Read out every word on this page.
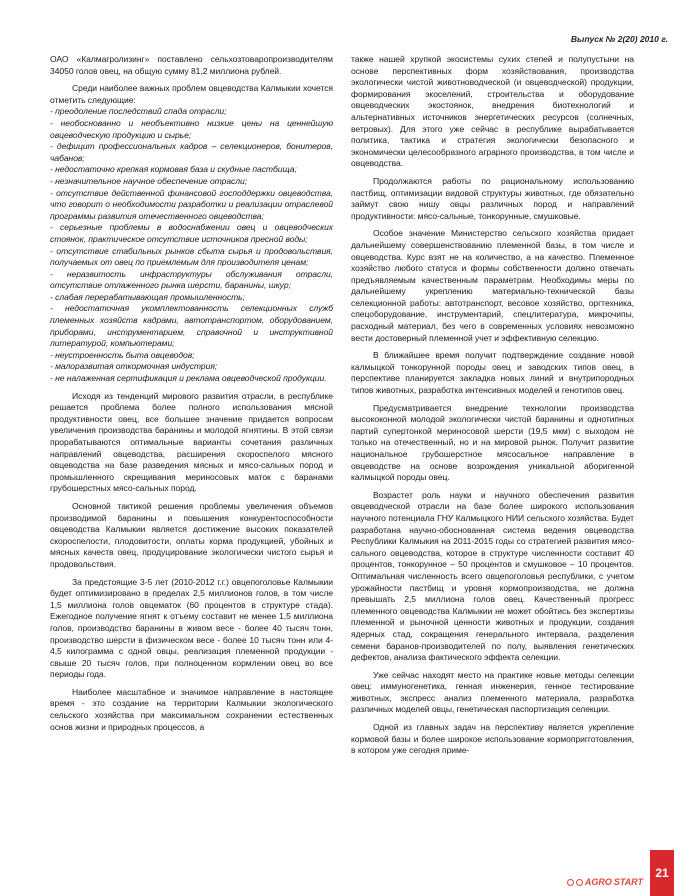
Выпуск № 2(20) 2010 г.

ОАО «Калмагролизинг» поставлено сельхозтовaропроизводителям 34050 голов овец, на общую сумму 81,2 миллиона рублей.

Среди наиболее важных проблем овцеводства Калмыкии хочется отметить следующие:

- преодоление последствий спада отрасли;
- необоснованно и необъективно низкие цены на ценнейшую овцеводческую продукцию и сырье;
- дефицит профессиональных кадров – селекционеров, бонитеров, чабанов;
- недостаточно крепкая кормовая база и скудные пастбища;
- незначительное научное обеспечение отрасли;
- отсутствие действенной финансовой господдержки овцеводства, что говорит о необходимости разработки и реализации отраслевой программы развития отечественного овцеводства;
- серьезные проблемы в водоснабжении овец и овцеводческих стоянок, практическое отсутствие источников пресной воды;
- отсутствие стабильных рынков сбыта сырья и продовольствия, получаемых от овец по приемлемым для производителя ценам;
- неразвитость инфраструктуры обслуживания отрасли, отсутствие отлаженного рынка шерсти, баранины, шкур;
- слабая перерабатывающая промышленность;
- недостаточная укомплектованность селекционных служб племенных хозяйств кадрами, автотранспортом, оборудованием, приборами, инструментарием, справочной и инструктивной литературой, компьютерами;
- неустроенность быта овцеводов;
- малоразвитая откормочная индустрия;
- не налаженная сертификация и реклама овцеводческой продукции.

Исходя из тенденций мирового развития отрасли, в республике решается проблема более полного использования мясной продуктивности овец, все большее значение придается вопросам увеличения производства баранины и молодой ягнятины. В этой связи прорабатываются оптимальные варианты сочетания различных направлений овцеводства, расширения скороспелого мясного овцеводства на базе разведения мясных и мясо-сальных пород и промышленного скрещивания мериносовых маток с баранами грубошерстных мясо-сальных пород.

Основной тактикой решения проблемы увеличения объемов производимой баранины и повышения конкурентоспособности овцеводства Калмыкии является достижение высоких показателей скороспелости, плодовитости, оплаты корма продукцией, убойных и мясных качеств овец, продуцирование экологически чистого сырья и продовольствия.

За предстоящие 3-5 лет (2010-2012 г.г.) овцепоголовье Калмыкии будет оптимизировано в пределах 2,5 миллионов голов, в том числе 1,5 миллиона голов овцематок (60 процентов в структуре стада). Ежегодное получение ягнят к отъему составит не менее 1,5 миллиона голов, производство баранины в живом весе - более 40 тысяч тонн, производство шерсти в физическом весе - более 10 тысяч тонн или 4-4,5 килограмма с одной овцы, реализация племенной продукции - свыше 20 тысяч голов, при полноценном кормлении овец во все периоды года.

Наиболее масштабное и значимое направление в настоящее время - это создание на территории Калмыкии экологического сельского хозяйства при максимальном сохранении естественных основ жизни и природных процессов, а

также нашей хрупкой экосистемы сухих степей и полупустыни на основе перспективных форм хозяйствования, производства экологически чистой животноводческой (и овцеводческой) продукции, формирования экоселений, строительства и оборудование овцеводческих экостоянок, внедрения биотехнологий и альтернативных источников энергетических ресурсов (солнечных, ветровых). Для этого уже сейчас в республике вырабатывается политика, тактика и стратегия экологически безопасного и экономически целесообразного аграрного производства, в том числе и овцеводства.

Продолжаются работы по рациональному использованию пастбищ, оптимизации видовой структуры животных, где обязательно займут свою нишу овцы различных пород и направлений продуктивности: мясо-сальные, тонкорунные, смушковые.

Особое значение Министерство сельского хозяйства придает дальнейшему совершенствованию племенной базы, в том числе и овцеводства. Курс взят не на количество, а на качество. Племенное хозяйство любого статуса и формы собственности должно отвечать предъявляемым качественным параметрам. Необходимы меры по дальнейшему укреплению материально-технической базы селекционной работы: автотранспорт, весовое хозяйство, оргтехника, спецоборудование, инструментарий, спецлитература, микрочипы, расходный материал, без чего в современных условиях невозможно вести достоверный племенной учет и эффективную селекцию.

В ближайшее время получит подтверждение создание новой калмыцкой тонкорунной породы овец и заводских типов овец, в перспективе планируется закладка новых линий и внутрипородных типов животных, разработка интенсивных моделей и генотипов овец.

Предусматривается внедрение технологии производства высококонной молодой экологически чистой баранины и однотипных партий супертонкой мериносовой шерсти (19,5 мкм) с выходом не только на отечественный, но и на мировой рынок. Получит развитие национальное грубошерстное мясосальное направление в овцеводстве на основе возрождения уникальной аборигенной калмыцкой породы овец.

Возрастет роль науки и научного обеспечения развития овцеводческой отрасли на базе более широкого использования научного потенциала ГНУ Калмыцкого НИИ сельского хозяйства. Будет разработана научно-обоснованная система ведения овцеводства Республики Калмыкия на 2011-2015 годы со стратегией развития мясо-сального овцеводства, которое в структуре численности составит 40 процентов, тонкорунное – 50 процентов и смушковое – 10 процентов. Оптимальная численность всего овцепоголовья республики, с учетом урожайности пастбищ и уровня кормопроизводства, не должна превышать 2,5 миллиона голов овец. Качественный прогресс племенного овцеводства Калмыкии не может обойтись без экспертизы племенной и рыночной ценности животных и продукции, создания ядерных стад, сокращения генерального интервала, разделения семени баранов-производителей по полу, выявления генетических дефектов, анализа фактического эффекта селекции.

Уже сейчас находят место на практике новые методы селекции овец: иммуногенетика, генная инженерия, генное тестирование животных, экспресс анализ племенного материала, разработка различных моделей овцы, генетическая паспортизация селекции.

Одной из главных задач на перспективу является укрепление кормовой базы и более широкое использование кормопригготовления, в котором уже сегодня приме-

AGRO START
21
